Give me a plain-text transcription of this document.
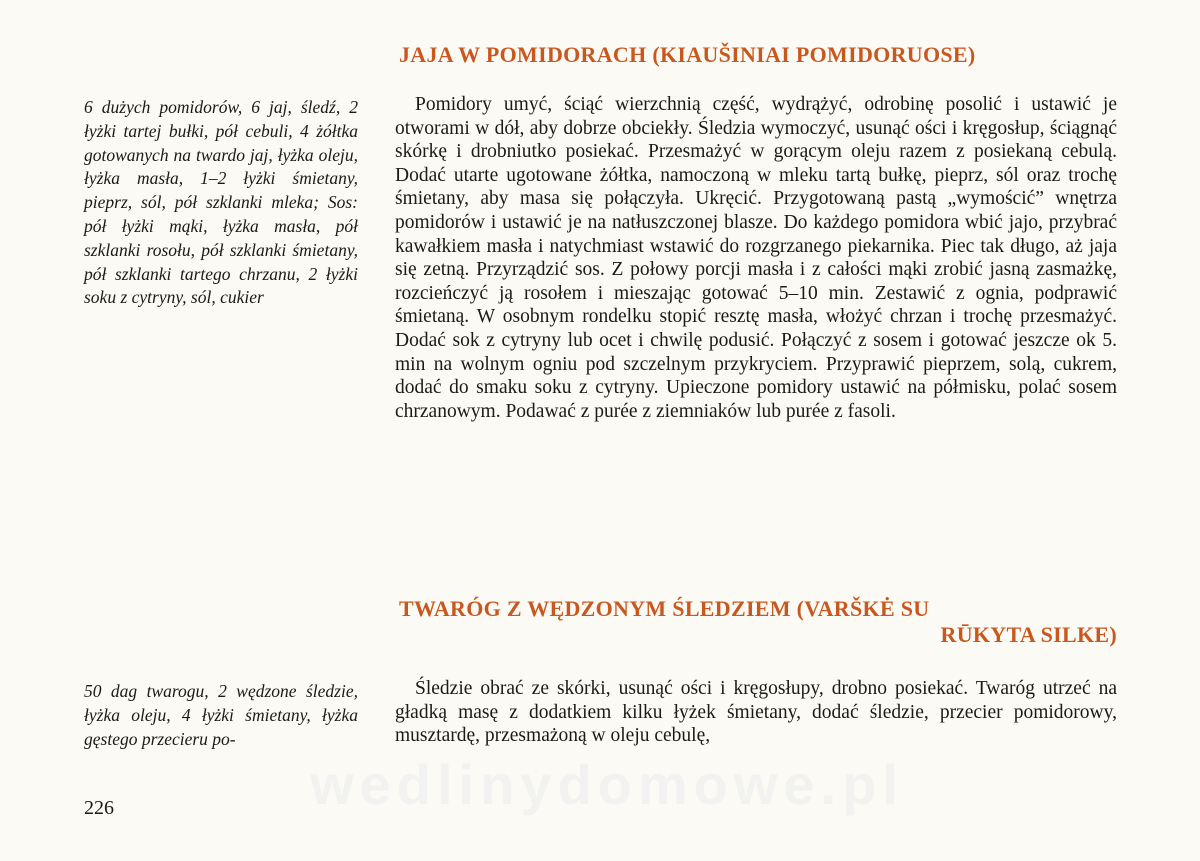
JAJA W POMIDORACH (KIAUŠINIAI POMIDORUOSE)

6 dużych pomidorów, 6 jaj, śledź, 2 łyżki tartej bułki, pół cebuli, 4 żółtka gotowanych na twardo jaj, łyżka oleju, łyżka masła, 1–2 łyżki śmietany, pieprz, sól, pół szklanki mleka; Sos: pół łyżki mąki, łyżka masła, pół szklanki rosołu, pół szklanki śmietany, pół szklanki tartego chrzanu, 2 łyżki soku z cytryny, sól, cukier

Pomidory umyć, ściąć wierzchnią część, wydrążyć, odrobinę posolić i ustawić je otworami w dół, aby dobrze obciekły. Śledzia wymoczyć, usunąć ości i kręgosłup, ściągnąć skórkę i drobniutko posiekać. Przesmażyć w gorącym oleju razem z posiekaną cebulą. Dodać utarte ugotowane żółtka, namoczoną w mleku tartą bułkę, pieprz, sól oraz trochę śmietany, aby masa się połączyła. Ukręcić. Przygotowaną pastą „wymościć” wnętrza pomidorów i ustawić je na natłuszczonej blasze. Do każdego pomidora wbić jajo, przybrać kawałkiem masła i natychmiast wstawić do rozgrzanego piekarnika. Piec tak długo, aż jaja się zetną. Przyrządzić sos. Z połowy porcji masła i z całości mąki zrobić jasną zasmażkę, rozcieńczyć ją rosołem i mieszając gotować 5–10 min. Zestawić z ognia, podprawić śmietaną. W osobnym rondelku stopić resztę masła, włożyć chrzan i trochę przesmażyć. Dodać sok z cytryny lub ocet i chwilę podusić. Połączyć z sosem i gotować jeszcze ok 5. min na wolnym ogniu pod szczelnym przykryciem. Przyprawić pieprzem, solą, cukrem, dodać do smaku soku z cytryny. Upieczone pomidory ustawić na półmisku, polać sosem chrzanowym. Podawać z purée z ziemniaków lub purée z fasoli.

TWARÓG Z WĘDZONYM ŚLEDZIEM (VARŠKĖ SU
RŪKYTA SILKE)

50 dag twarogu, 2 wędzone śledzie, łyżka oleju, 4 łyżki śmietany, łyżka gęstego przecieru po-

Śledzie obrać ze skórki, usunąć ości i kręgosłupy, drobno posiekać. Twaróg utrzeć na gładką masę z dodatkiem kilku łyżek śmietany, dodać śledzie, przecier pomidorowy, musztardę, przesmażoną w oleju cebulę,

wedlinydomowe.pl

226
